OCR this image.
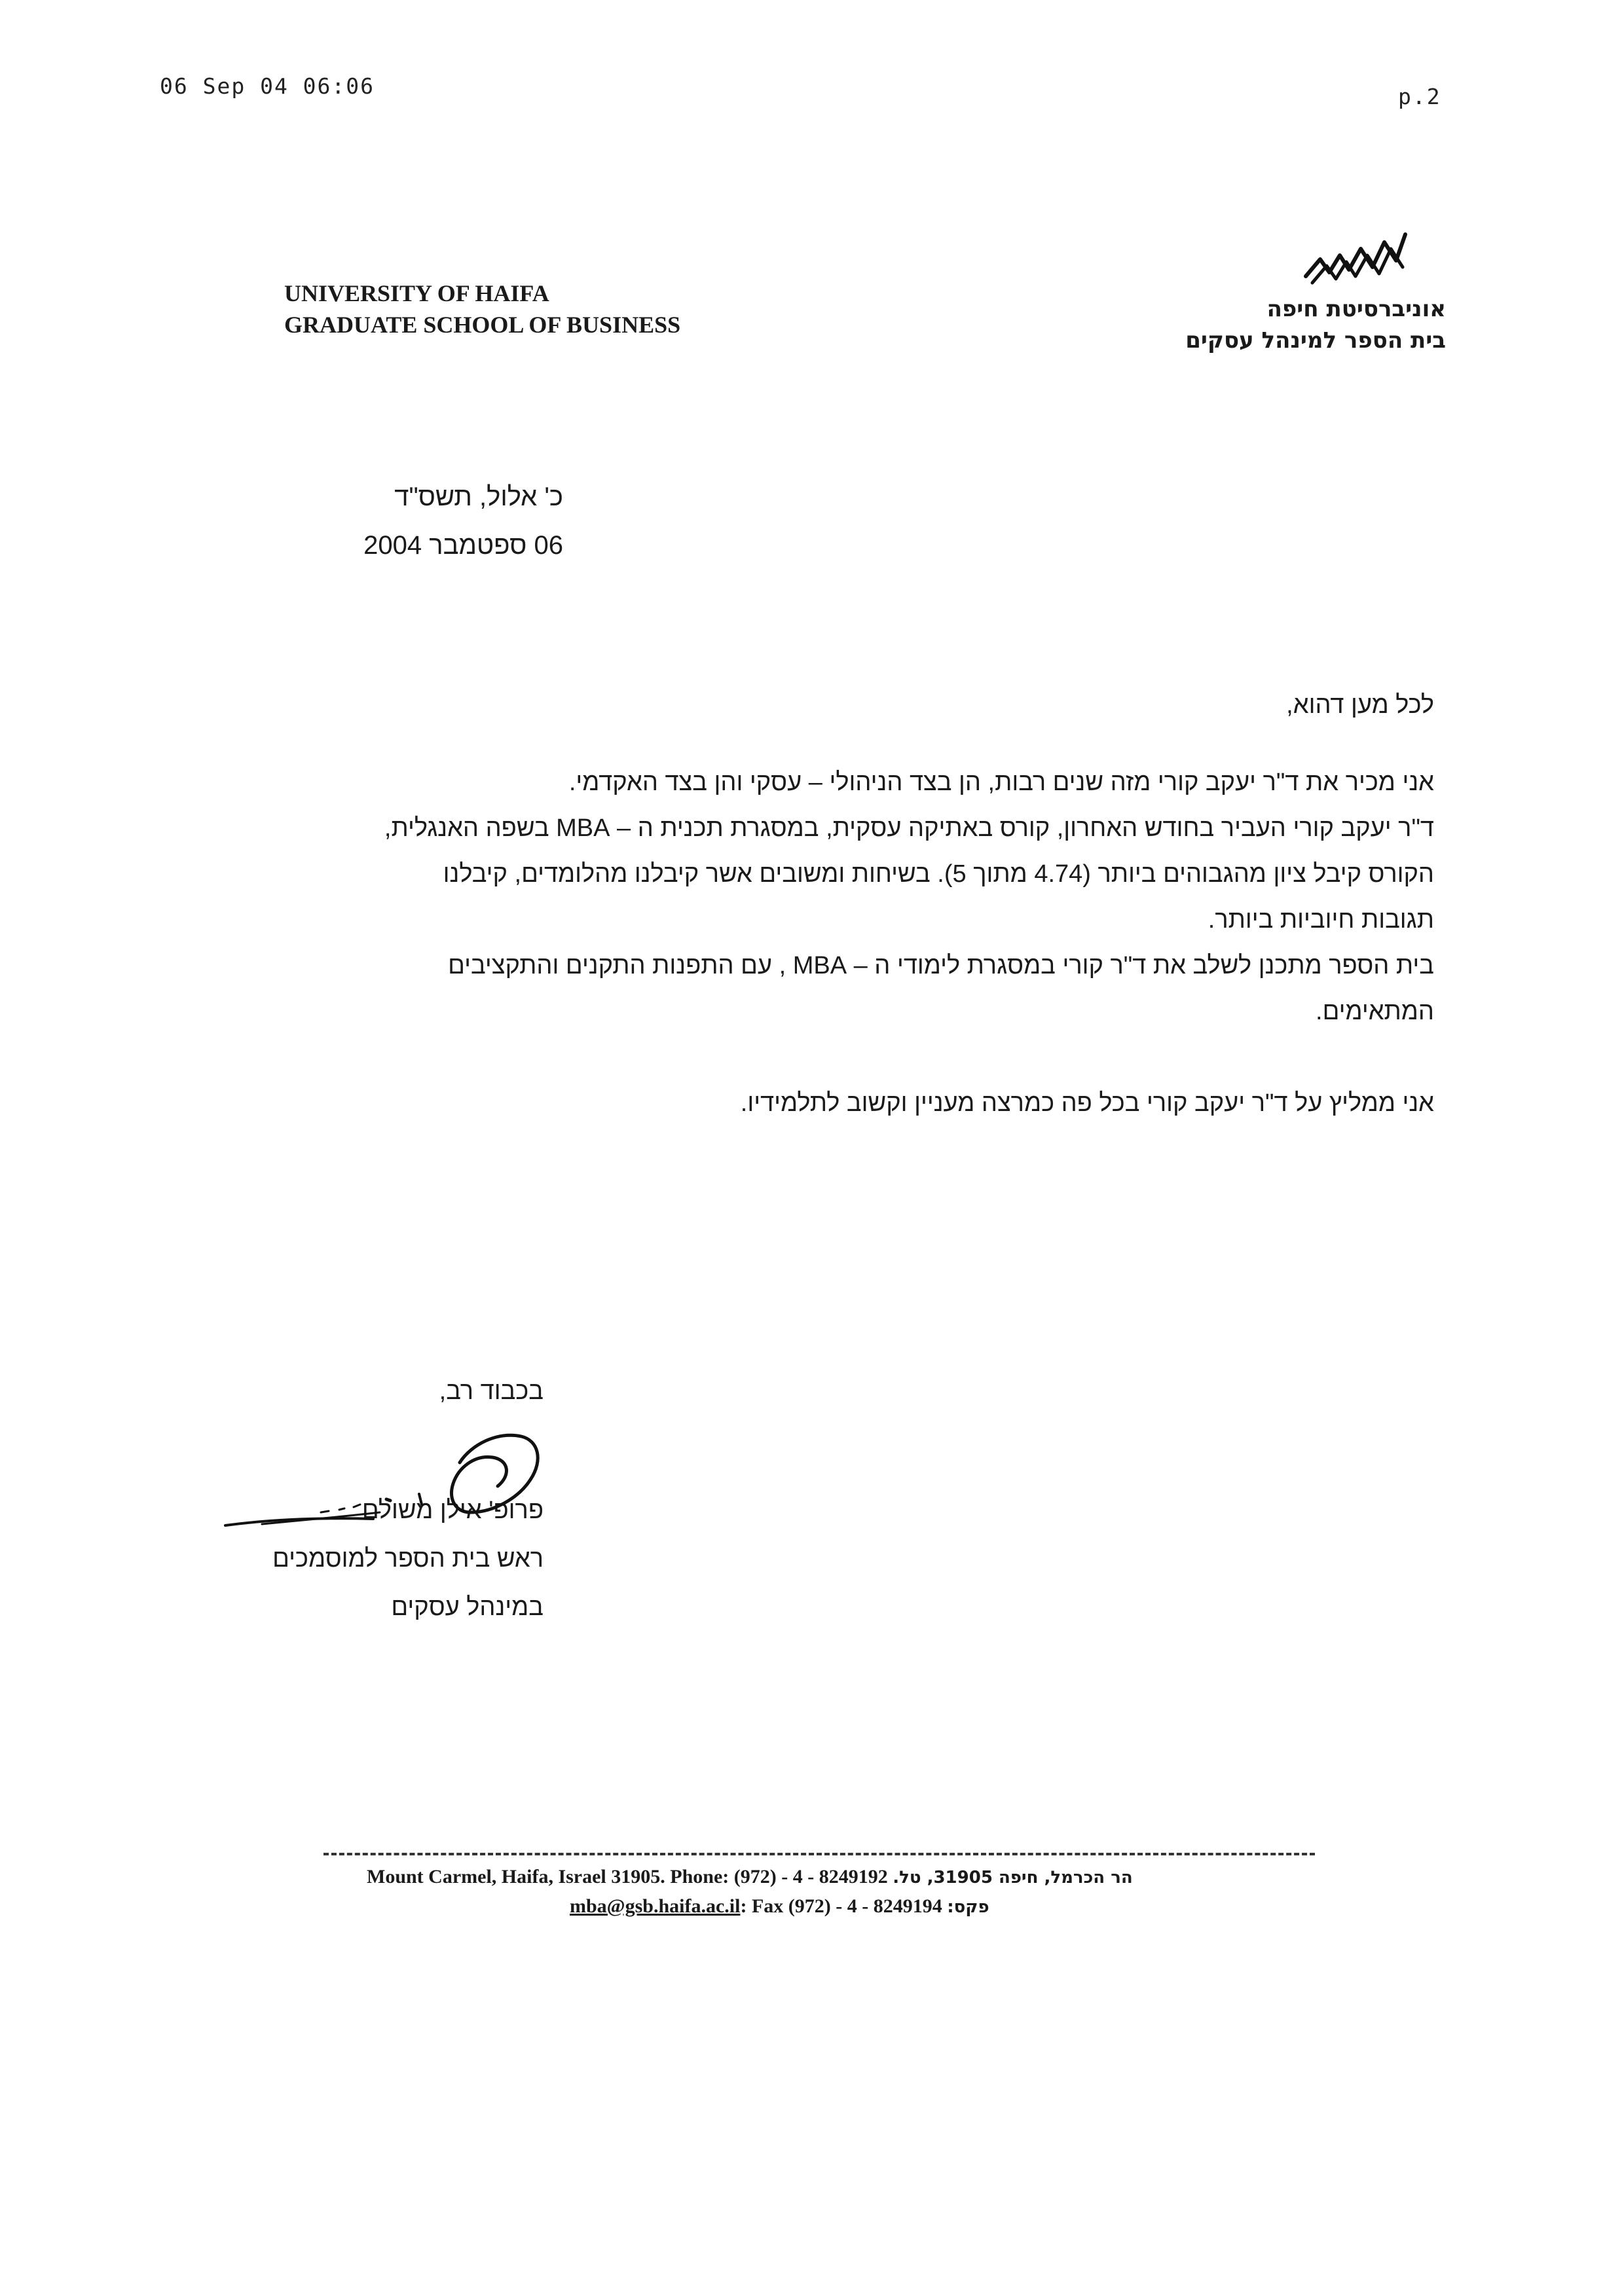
06 Sep 04 06:06	p.2
UNIVERSITY OF HAIFA
GRADUATE SCHOOL OF BUSINESS
אוניברסיטת חיפה
בית הספר למינהל עסקים
כ' אלול, תשס"ד
06 ספטמבר 2004

לכל מען דהוא,

אני מכיר את ד"ר יעקב קורי מזה שנים רבות, הן בצד הניהולי – עסקי והן בצד האקדמי.

ד"ר יעקב קורי העביר בחודש האחרון, קורס באתיקה עסקית, במסגרת תכנית ה – MBA בשפה האנגלית,

הקורס קיבל ציון מהגבוהים ביותר (4.74 מתוך 5). בשיחות ומשובים אשר קיבלנו מהלומדים, קיבלנו

תגובות חיוביות ביותר.

בית הספר מתכנן לשלב את ד"ר קורי במסגרת לימודי ה – MBA , עם התפנות התקנים והתקציבים

המתאימים.

אני ממליץ על ד"ר יעקב קורי בכל פה כמרצה מעניין וקשוב לתלמידיו.

בכבוד רב,
פרופ' אילן משולם
ראש בית הספר למוסמכים
במינהל עסקים
Mount Carmel, Haifa, Israel 31905. Phone: (972) - 4 - 8249192 הר הכרמל, חיפה 31905, טל.
mba@gsb.haifa.ac.il: Fax (972) - 4 - 8249194 פקס:
